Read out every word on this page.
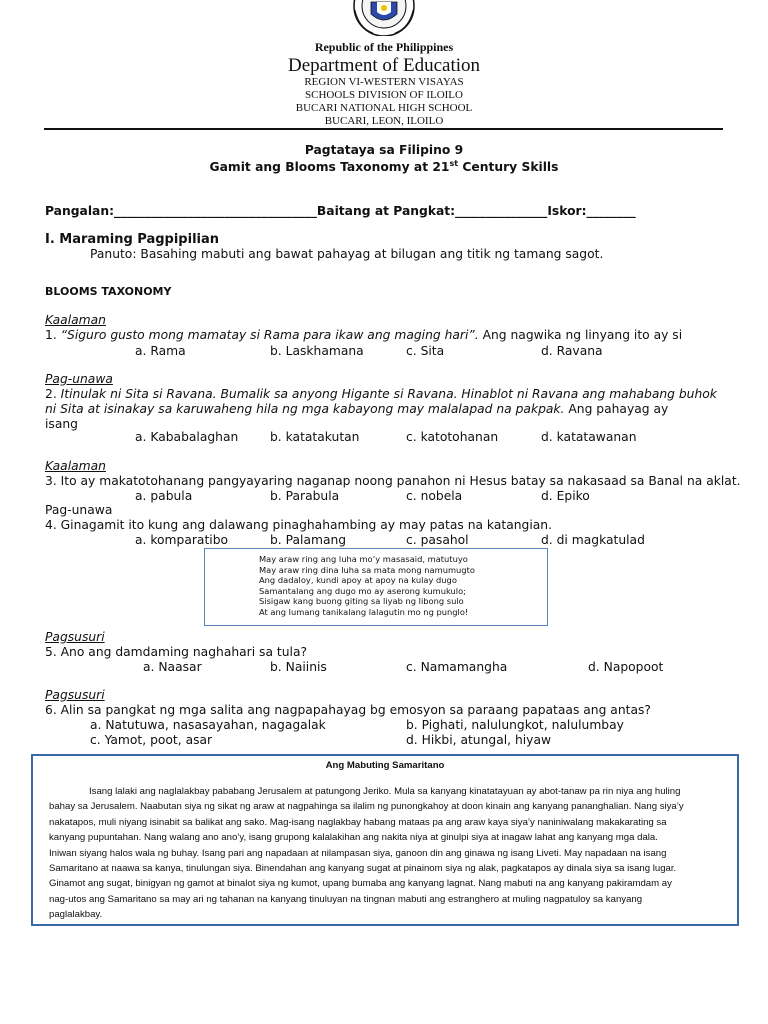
Republic of the Philippines
Department of Education
REGION VI-WESTERN VISAYAS
SCHOOLS DIVISION OF ILOILO
BUCARI NATIONAL HIGH SCHOOL
BUCARI, LEON, ILOILO
Pagtataya sa Filipino 9
Gamit ang Blooms Taxonomy at 21st Century Skills
Pangalan:_________________________________Baitang at Pangkat:_______________Iskor:________
I. Maraming Pagpipilian
Panuto: Basahing mabuti ang bawat pahayag at bilugan ang titik ng tamang sagot.
BLOOMS TAXONOMY
Kaalaman
1. “Siguro gusto mong mamatay si Rama para ikaw ang maging hari”. Ang nagwika ng linyang ito ay si
a. Rama	b. Laskhamana	c. Sita	d. Ravana
Pag-unawa
2. Itinulak ni Sita si Ravana. Bumalik sa anyong Higante si Ravana. Hinablot ni Ravana ang mahabang buhok
ni Sita at isinakay sa karuwaheng hila ng mga kabayong may malalapad na pakpak. Ang pahayag ay
isang
a. Kababalaghan	b. katatakutan	c. katotohanan	d. katatawanan
Kaalaman
3. Ito ay makatotohanang pangyayaring naganap noong panahon ni Hesus batay sa nakasaad sa Banal na aklat.
a. pabula	b. Parabula	c. nobela	d. Epiko
Pag-unawa
4. Ginagamit ito kung ang dalawang pinaghahambing ay may patas na katangian.
a. komparatibo	b. Palamang	c. pasahol	d. di magkatulad
May araw ring ang luha mo’y masasaid, matutuyo
May araw ring dina luha sa mata mong namumugto
Ang dadaloy, kundi apoy at apoy na kulay dugo
Samantalang ang dugo mo ay aserong kumukulo;
Sisigaw kang buong giting sa liyab ng libong sulo
At ang lumang tanikalang lalagutin mo ng punglo!
Pagsusuri
5. Ano ang damdaming naghahari sa tula?
a. Naasar	b. Naiinis	c. Namamangha	d. Napopoot
Pagsusuri
6. Alin sa pangkat ng mga salita ang nagpapahayag bg emosyon sa paraang papataas ang antas?
a. Natutuwa, nasasayahan, nagagalak	b. Pighati, nalulungkot, nalulumbay
c. Yamot, poot, asar	d. Hikbi, atungal, hiyaw
Ang Mabuting Samaritano
Isang lalaki ang naglalakbay pababang Jerusalem at patungong Jeriko. Mula sa kanyang kinatatayuan ay abot-tanaw pa rin niya ang huling
bahay sa Jerusalem. Naabutan siya ng sikat ng araw at nagpahinga sa ilalim ng punongkahoy at doon kinain ang kanyang pananghalian. Nang siya’y
nakatapos, muli niyang isinabit sa balikat ang sako. Mag-isang naglakbay habang mataas pa ang araw kaya siya’y naniniwalang makakarating sa
kanyang pupuntahan. Nang walang ano ano’y, isang grupong kalalakihan ang nakita niya at ginulpi siya at inagaw lahat ang kanyang mga dala.
Iniwan siyang halos wala ng buhay. Isang pari ang napadaan at nilampasan siya, ganoon din ang ginawa ng isang Liveti. May napadaan na isang
Samaritano at naawa sa kanya, tinulungan siya. Binendahan ang kanyang sugat at pinainom siya ng alak, pagkatapos ay dinala siya sa isang lugar.
Ginamot ang sugat, binigyan ng gamot at binalot siya ng kumot, upang bumaba ang kanyang lagnat. Nang mabuti na ang kanyang pakiramdam ay
nag-utos ang Samaritano sa may ari ng tahanan na kanyang tinuluyan na tingnan mabuti ang estranghero at muling nagpatuloy sa kanyang
paglalakbay.
